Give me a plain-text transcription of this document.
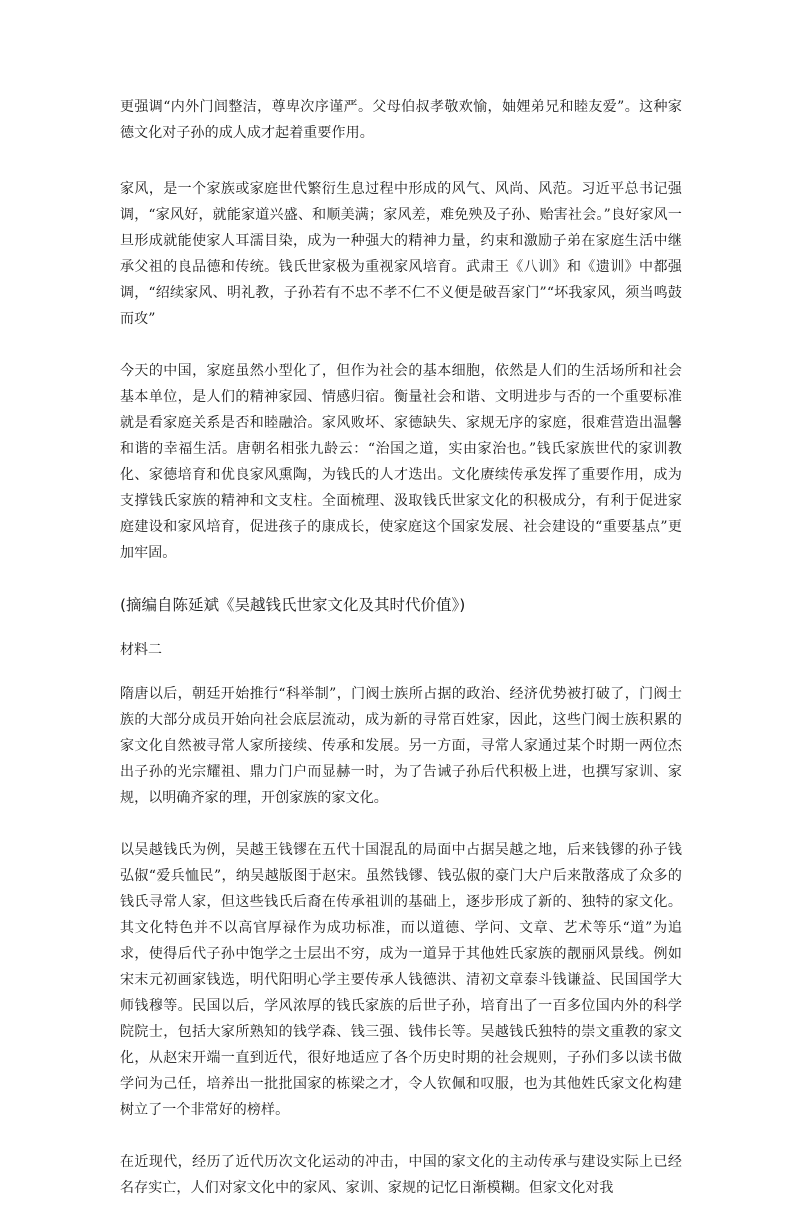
更强调“内外门闾整洁，尊卑次序谨严。父母伯叔孝敬欢愉，妯娌弟兄和睦友爱”。这种家德文化对子孙的成人成才起着重要作用。

家风，是一个家族或家庭世代繁衍生息过程中形成的风气、风尚、风范。习近平总书记强调，“家风好，就能家道兴盛、和顺美满；家风差，难免殃及子孙、贻害社会。”良好家风一旦形成就能使家人耳濡目染，成为一种强大的精神力量，约束和激励子弟在家庭生活中继承父祖的良品德和传统。钱氏世家极为重视家风培育。武肃王《八训》和《遗训》中都强调，“绍续家风、明礼教，子孙若有不忠不孝不仁不义便是破吾家门”“坏我家风，须当鸣鼓而攻”

今天的中国，家庭虽然小型化了，但作为社会的基本细胞，依然是人们的生活场所和社会基本单位，是人们的精神家园、情感归宿。衡量社会和谐、文明进步与否的一个重要标准就是看家庭关系是否和睦融洽。家风败坏、家德缺失、家规无序的家庭，很难营造出温馨和谐的幸福生活。唐朝名相张九龄云：“治国之道，实由家治也。”钱氏家族世代的家训教化、家德培育和优良家风熏陶，为钱氏的人才迭出。文化赓续传承发挥了重要作用，成为支撑钱氏家族的精神和文支柱。全面梳理、汲取钱氏世家文化的积极成分，有利于促进家庭建设和家风培育，促进孩子的康成长，使家庭这个国家发展、社会建设的“重要基点”更加牢固。

(摘编自陈延斌《吴越钱氏世家文化及其时代价值》)

材料二

隋唐以后，朝廷开始推行“科举制”，门阀士族所占据的政治、经济优势被打破了，门阀士族的大部分成员开始向社会底层流动，成为新的寻常百姓家，因此，这些门阀士族积累的家文化自然被寻常人家所接续、传承和发展。另一方面，寻常人家通过某个时期一两位杰出子孙的光宗耀祖、鼎力门户而显赫一时，为了告诫子孙后代积极上进，也撰写家训、家规，以明确齐家的理，开创家族的家文化。

以吴越钱氏为例，吴越王钱镠在五代十国混乱的局面中占据吴越之地，后来钱镠的孙子钱弘俶“爱兵恤民”，纳吴越版图于赵宋。虽然钱镠、钱弘俶的豪门大户后来散落成了众多的钱氏寻常人家，但这些钱氏后裔在传承祖训的基础上，逐步形成了新的、独特的家文化。其文化特色并不以高官厚禄作为成功标准，而以道德、学问、文章、艺术等乐“道”为追求，使得后代子孙中饱学之士层出不穷，成为一道异于其他姓氏家族的靓丽风景线。例如宋末元初画家钱选，明代阳明心学主要传承人钱德洪、清初文章泰斗钱谦益、民国国学大师钱穆等。民国以后，学风浓厚的钱氏家族的后世子孙，培育出了一百多位国内外的科学院院士，包括大家所熟知的钱学森、钱三强、钱伟长等。吴越钱氏独特的崇文重教的家文化，从赵宋开端一直到近代，很好地适应了各个历史时期的社会规则，子孙们多以读书做学问为己任，培养出一批批国家的栋梁之才，令人钦佩和叹服，也为其他姓氏家文化构建树立了一个非常好的榜样。

在近现代，经历了近代历次文化运动的冲击，中国的家文化的主动传承与建设实际上已经名存实亡，人们对家文化中的家风、家训、家规的记忆日渐模糊。但家文化对我
